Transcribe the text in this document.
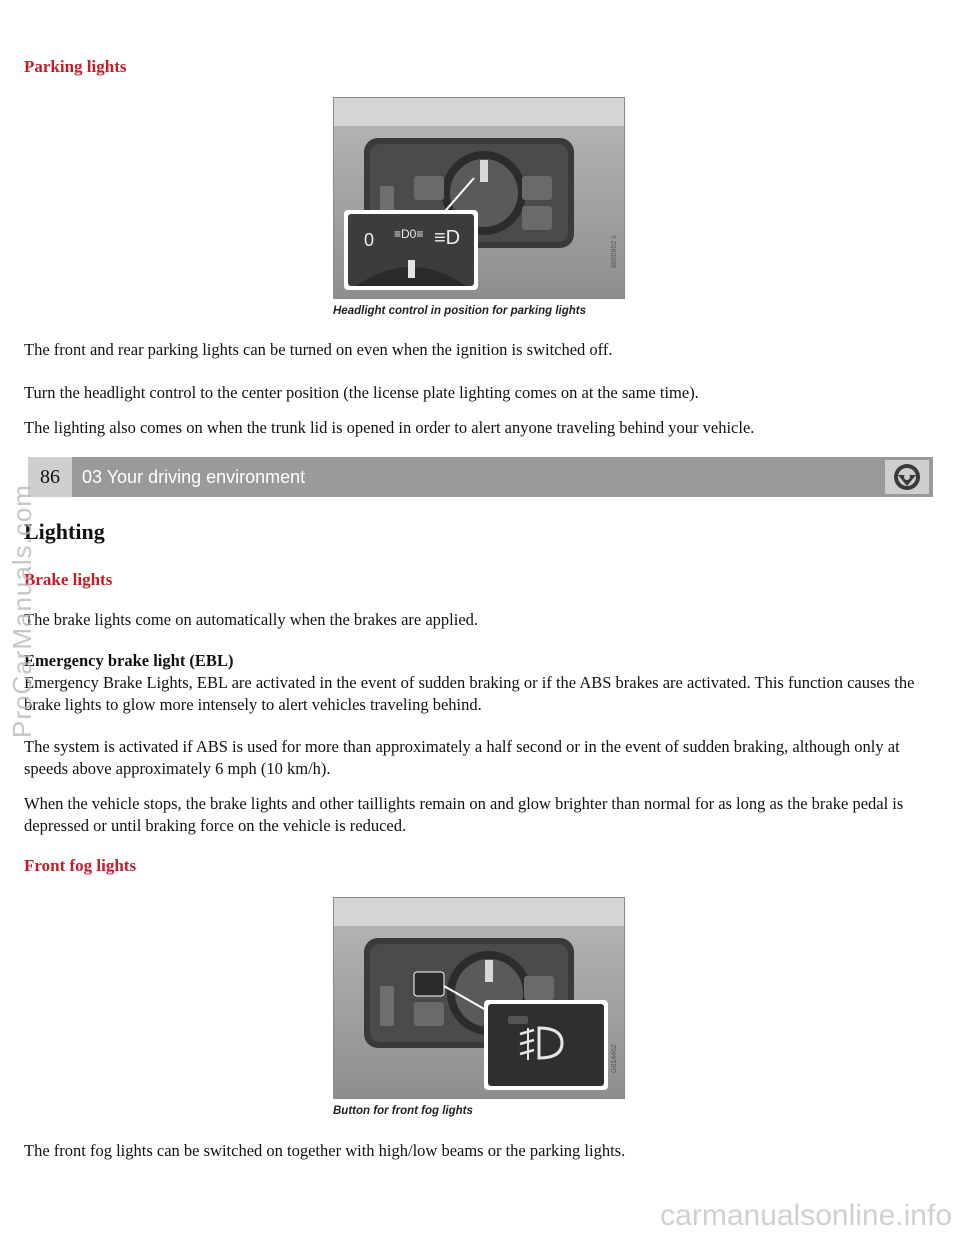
Parking lights
0 ≡D0≡ ≡D	8800902 s
Headlight control in position for parking lights

The front and rear parking lights can be turned on even when the ignition is switched off.

Turn the headlight control to the center position (the license plate lighting comes on at the same time).

The lighting also comes on when the trunk lid is opened in order to alert anyone traveling behind your vehicle.

86	03 Your driving environment
Lighting
Brake lights

The brake lights come on automatically when the brakes are applied.

Emergency brake light (EBL)

Emergency Brake Lights, EBL are activated in the event of sudden braking or if the ABS brakes are activated. This function causes the brake lights to glow more intensely to alert vehicles traveling behind.

The system is activated if ABS is used for more than approximately a half second or in the event of sudden braking, although only at speeds above approximately 6 mph (10 km/h).

When the vehicle stops, the brake lights and other taillights remain on and glow brighter than normal for as long as the brake pedal is depressed or until braking force on the vehicle is reduced.

Front fog lights
G014462
Button for front fog lights

The front fog lights can be switched on together with high/low beams or the parking lights.

ProCarManuals.com
carmanualsonline.info
